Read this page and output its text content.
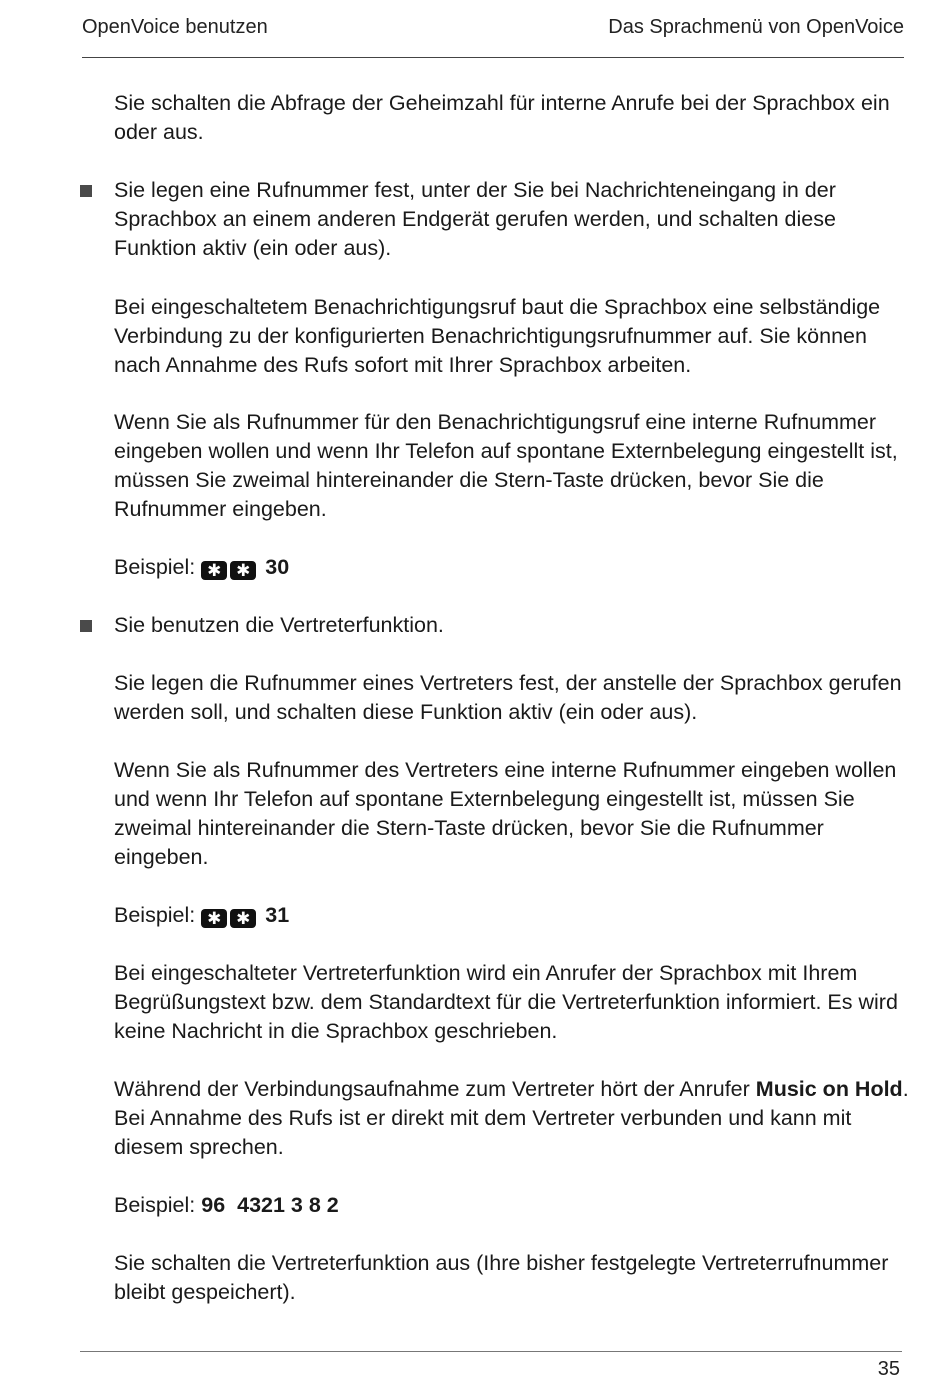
OpenVoice benutzen	Das Sprachmenü von OpenVoice

Sie schalten die Abfrage der Geheimzahl für interne Anrufe bei der Sprachbox ein oder aus.

Sie legen eine Rufnummer fest, unter der Sie bei Nachrichteneingang in der Sprachbox an einem anderen Endgerät gerufen werden, und schalten diese Funktion aktiv (ein oder aus).

Bei eingeschaltetem Benachrichtigungsruf baut die Sprachbox eine selbständige Verbindung zu der konfigurierten Benachrichtigungsrufnummer auf. Sie können nach Annahme des Rufs sofort mit Ihrer Sprachbox arbeiten.

Wenn Sie als Rufnummer für den Benachrichtigungsruf eine interne Rufnummer eingeben wollen und wenn Ihr Telefon auf spontane Externbelegung eingestellt ist, müssen Sie zweimal hintereinander die Stern-Taste drücken, bevor Sie die Rufnummer eingeben.

Beispiel: ✱ ✱ 30

Sie benutzen die Vertreterfunktion.

Sie legen die Rufnummer eines Vertreters fest, der anstelle der Sprachbox gerufen werden soll, und schalten diese Funktion aktiv (ein oder aus).

Wenn Sie als Rufnummer des Vertreters eine interne Rufnummer eingeben wollen und wenn Ihr Telefon auf spontane Externbelegung eingestellt ist, müssen Sie zweimal hintereinander die Stern-Taste drücken, bevor Sie die Rufnummer eingeben.

Beispiel: ✱ ✱ 31

Bei eingeschalteter Vertreterfunktion wird ein Anrufer der Sprachbox mit Ihrem Begrüßungstext bzw. dem Standardtext für die Vertreterfunktion informiert. Es wird keine Nachricht in die Sprachbox geschrieben.

Während der Verbindungsaufnahme zum Vertreter hört der Anrufer Music on Hold. Bei Annahme des Rufs ist er direkt mit dem Vertreter verbunden und kann mit diesem sprechen.

Beispiel: 96  4321 3 8 2

Sie schalten die Vertreterfunktion aus (Ihre bisher festgelegte Vertreterrufnummer bleibt gespeichert).

35
